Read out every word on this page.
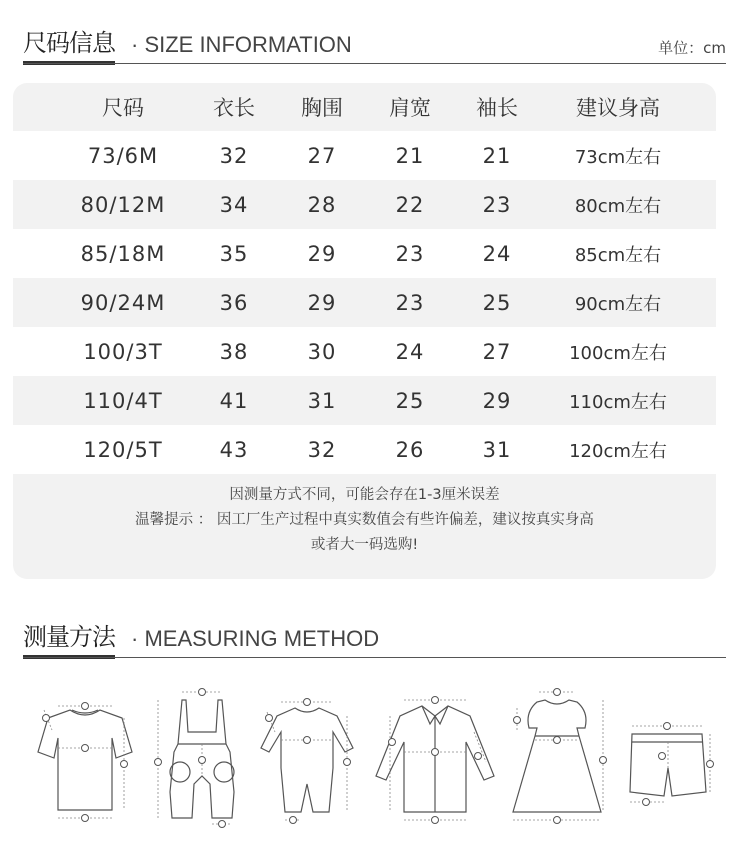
尺码信息 · SIZE INFORMATION	单位：cm
尺码	衣长	胸围	肩宽	袖长	建议身高
73/6M	32	27	21	21	73cm左右
80/12M	34	28	22	23	80cm左右
85/18M	35	29	23	24	85cm左右
90/24M	36	29	23	25	90cm左右
100/3T	38	30	24	27	100cm左右
110/4T	41	31	25	29	110cm左右
120/5T	43	32	26	31	120cm左右
因测量方式不同，可能会存在1-3厘米误差
温馨提示 ： 因工厂生产过程中真实数值会有些许偏差，建议按真实身高
或者大一码选购!
测量方法 · MEASURING METHOD
